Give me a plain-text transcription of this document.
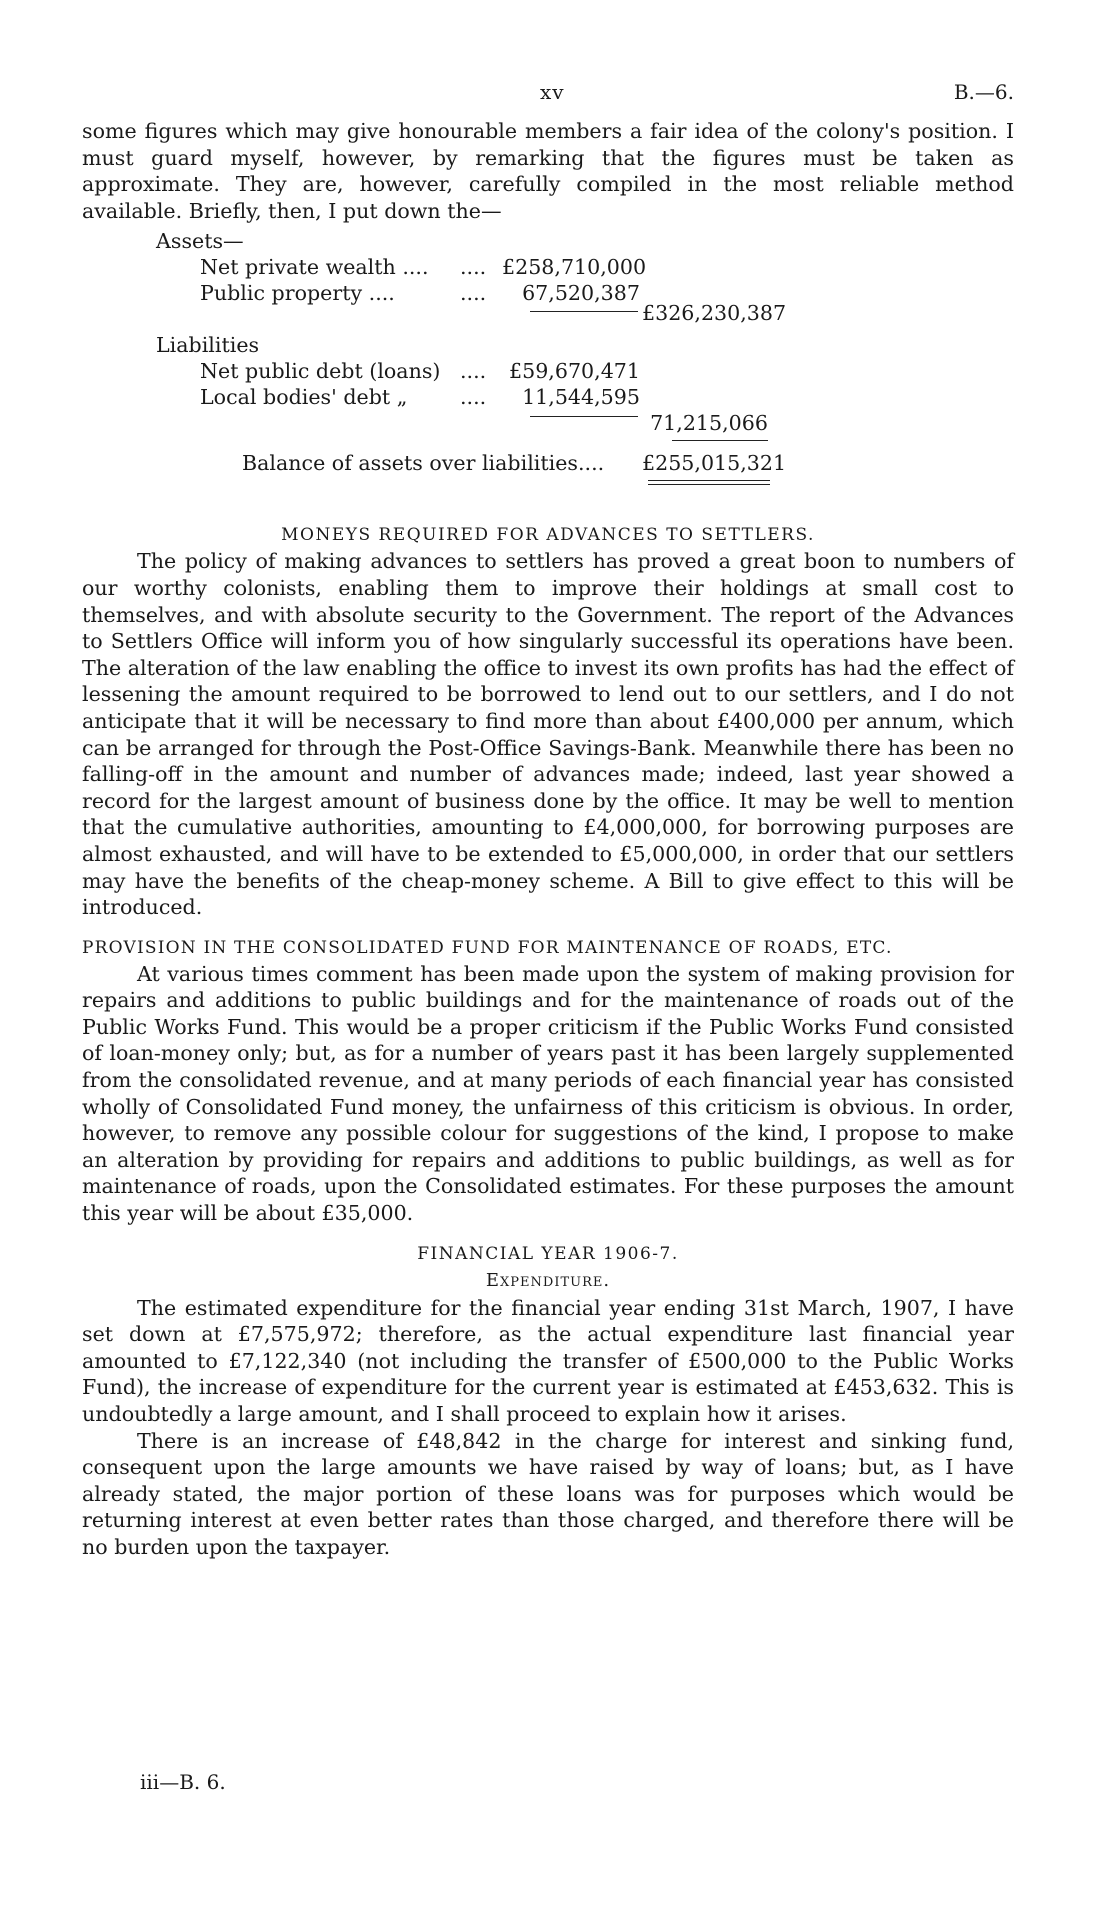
xv	B.—6.

some figures which may give honourable members a fair idea of the colony's position. I must guard myself, however, by remarking that the figures must be taken as approximate. They are, however, carefully compiled in the most reliable method available. Briefly, then, I put down the—

Assets—
Net private wealth .... .... £258,710,000
Public property ....	....	67,520,387
£326,230,387
Liabilities
Net public debt (loans) ....	£59,670,471
Local bodies' debt „	....	11,544,595
71,215,066
Balance of assets over liabilities.... £255,015,321

MONEYS REQUIRED FOR ADVANCES TO SETTLERS.

The policy of making advances to settlers has proved a great boon to numbers of our worthy colonists, enabling them to improve their holdings at small cost to themselves, and with absolute security to the Government. The report of the Advances to Settlers Office will inform you of how singularly successful its operations have been. The alteration of the law enabling the office to invest its own profits has had the effect of lessening the amount required to be borrowed to lend out to our settlers, and I do not anticipate that it will be necessary to find more than about £400,000 per annum, which can be arranged for through the Post-Office Savings-Bank. Meanwhile there has been no falling-off in the amount and number of advances made; indeed, last year showed a record for the largest amount of business done by the office. It may be well to mention that the cumulative authorities, amounting to £4,000,000, for borrowing purposes are almost exhausted, and will have to be extended to £5,000,000, in order that our settlers may have the benefits of the cheap-money scheme. A Bill to give effect to this will be introduced.

PROVISION IN THE CONSOLIDATED FUND FOR MAINTENANCE OF ROADS, ETC.

At various times comment has been made upon the system of making provision for repairs and additions to public buildings and for the maintenance of roads out of the Public Works Fund. This would be a proper criticism if the Public Works Fund consisted of loan-money only; but, as for a number of years past it has been largely supplemented from the consolidated revenue, and at many periods of each financial year has consisted wholly of Consolidated Fund money, the unfairness of this criticism is obvious. In order, however, to remove any possible colour for suggestions of the kind, I propose to make an alteration by providing for repairs and additions to public buildings, as well as for maintenance of roads, upon the Consolidated estimates. For these purposes the amount this year will be about £35,000.

FINANCIAL YEAR 1906-7.

Expenditure.

The estimated expenditure for the financial year ending 31st March, 1907, I have set down at £7,575,972; therefore, as the actual expenditure last financial year amounted to £7,122,340 (not including the transfer of £500,000 to the Public Works Fund), the increase of expenditure for the current year is estimated at £453,632. This is undoubtedly a large amount, and I shall proceed to explain how it arises.

There is an increase of £48,842 in the charge for interest and sinking fund, consequent upon the large amounts we have raised by way of loans; but, as I have already stated, the major portion of these loans was for purposes which would be returning interest at even better rates than those charged, and therefore there will be no burden upon the taxpayer.

iii—B. 6.
